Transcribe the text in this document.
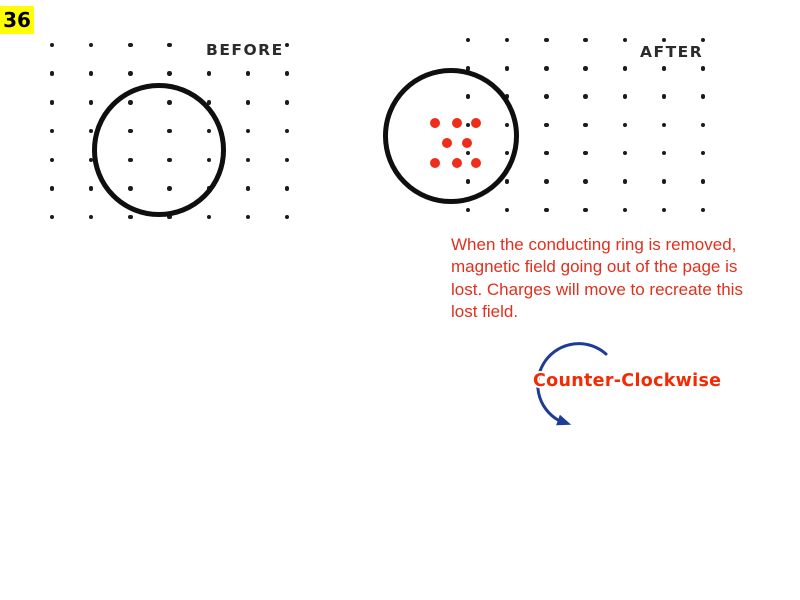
36
BEFORE	AFTER
When the conducting ring is removed,
magnetic field going out of the page is
lost. Charges will move to recreate this
lost field.
Counter-Clockwise
